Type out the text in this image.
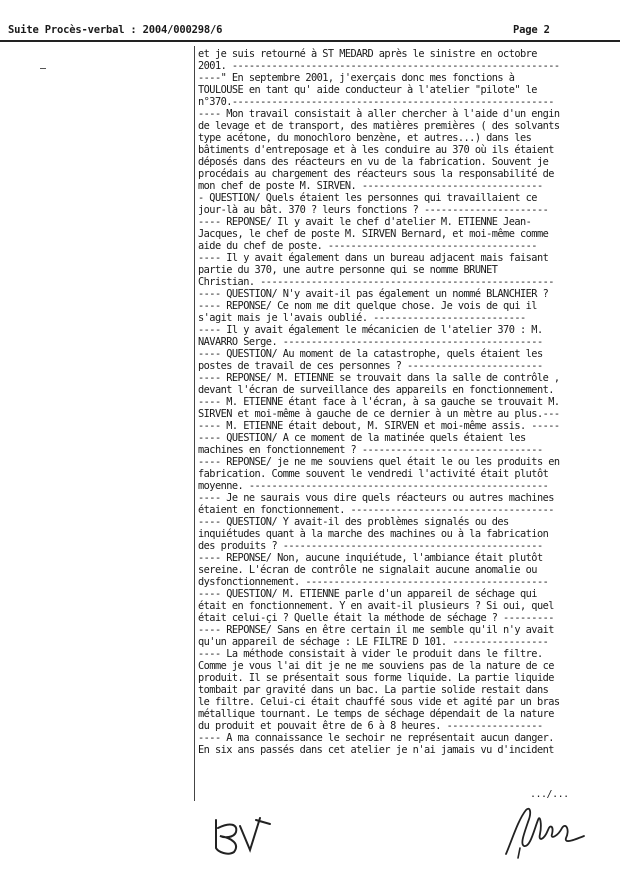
Suite Procès-verbal : 2004/000298/6	Page 2
et je suis retourné à ST MEDARD après le sinistre en octobre
2001. ----------------------------------------------------------
----" En septembre 2001, j'exerçais donc mes fonctions à
TOULOUSE en tant qu' aide conducteur à l'atelier "pilote" le
n°370.---------------------------------------------------------
---- Mon travail consistait à aller chercher à l'aide d'un engin
de levage et de transport, des matières premières ( des solvants
type acétone, du monochloro benzène, et autres...) dans les
bâtiments d'entreposage et à les conduire au 370 où ils étaient
déposés dans des réacteurs en vu de la fabrication. Souvent je
procédais au chargement des réacteurs sous la responsabilité de
mon chef de poste M. SIRVEN. --------------------------------
- QUESTION/ Quels étaient les personnes qui travaillaient ce
jour-là au bât. 370 ? leurs fonctions ? ----------------------
---- REPONSE/ Il y avait le chef d'atelier M. ETIENNE Jean-
Jacques, le chef de poste M. SIRVEN Bernard, et moi-même comme
aide du chef de poste. -------------------------------------
---- Il y avait également dans un bureau adjacent mais faisant
partie du 370, une autre personne qui se nomme BRUNET
Christian. ----------------------------------------------------
---- QUESTION/ N'y avait-il pas également un nommé BLANCHIER ?
---- REPONSE/ Ce nom me dit quelque chose. Je vois de qui il
s'agit mais je l'avais oublié. ---------------------------
---- Il y avait également le mécanicien de l'atelier 370 : M.
NAVARRO Serge. ----------------------------------------------
---- QUESTION/ Au moment de la catastrophe, quels étaient les
postes de travail de ces personnes ? ------------------------
---- REPONSE/ M. ETIENNE se trouvait dans la salle de contrôle ,
devant l'écran de surveillance des appareils en fonctionnement.
---- M. ETIENNE étant face à l'écran, à sa gauche se trouvait M.
SIRVEN et moi-même à gauche de ce dernier à un mètre au plus.---
---- M. ETIENNE était debout, M. SIRVEN et moi-même assis. -----
---- QUESTION/ A ce moment de la matinée quels étaient les
machines en fonctionnement ? --------------------------------
---- REPONSE/ je ne me souviens quel était le ou les produits en
fabrication. Comme souvent le vendredi l'activité était plutôt
moyenne. -----------------------------------------------------
---- Je ne saurais vous dire quels réacteurs ou autres machines
étaient en fonctionnement. ------------------------------------
---- QUESTION/ Y avait-il des problèmes signalés ou des
inquiétudes quant à la marche des machines ou à la fabrication
des produits ? ----------------------------------------------
---- REPONSE/ Non, aucune inquiétude, l'ambiance était plutôt
sereine. L'écran de contrôle ne signalait aucune anomalie ou
dysfonctionnement. -------------------------------------------
---- QUESTION/ M. ETIENNE parle d'un appareil de séchage qui
était en fonctionnement. Y en avait-il plusieurs ? Si oui, quel
était celui-çi ? Quelle était la méthode de séchage ? ---------
---- REPONSE/ Sans en être certain il me semble qu'il n'y avait
qu'un appareil de séchage : LE FILTRE D 101. -----------------
---- La méthode consistait à vider le produit dans le filtre.
Comme je vous l'ai dit je ne me souviens pas de la nature de ce
produit. Il se présentait sous forme liquide. La partie liquide
tombait par gravité dans un bac. La partie solide restait dans
le filtre. Celui-ci était chauffé sous vide et agité par un bras
métallique tournant. Le temps de séchage dépendait de la nature
du produit et pouvait être de 6 à 8 heures. -----------------
---- A ma connaissance le sechoir ne représentait aucun danger.
En six ans passés dans cet atelier je n'ai jamais vu d'incident
.../...
